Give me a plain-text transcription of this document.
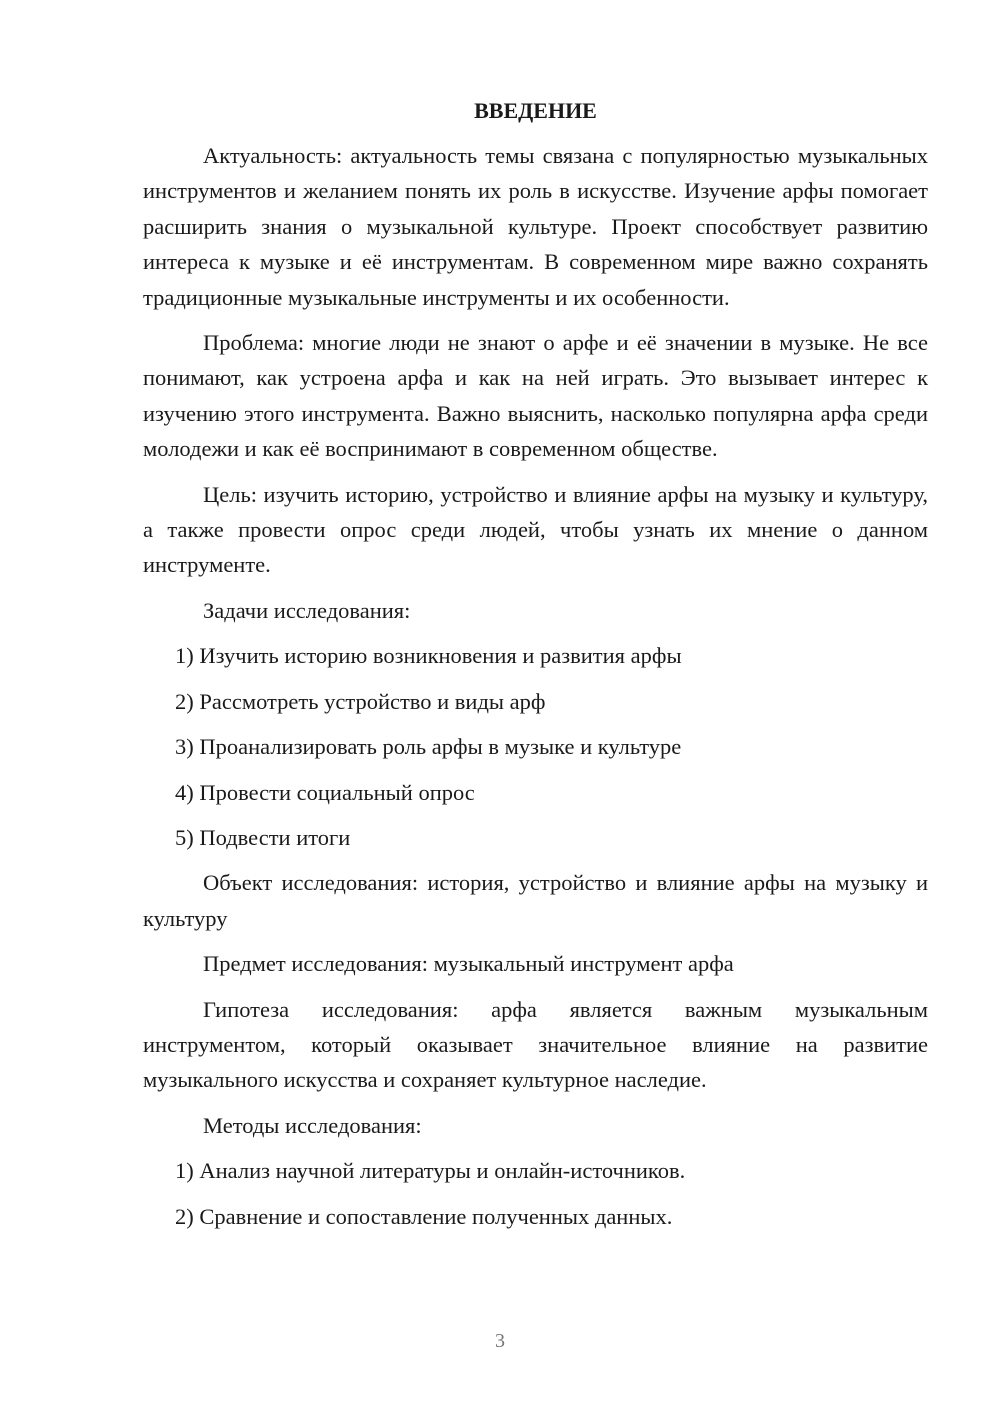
ВВЕДЕНИЕ

Актуальность: актуальность темы связана с популярностью музыкальных инструментов и желанием понять их роль в искусстве. Изучение арфы помогает расширить знания о музыкальной культуре. Проект способствует развитию интереса к музыке и её инструментам. В современном мире важно сохранять традиционные музыкальные инструменты и их особенности.

Проблема: многие люди не знают о арфе и её значении в музыке. Не все понимают, как устроена арфа и как на ней играть. Это вызывает интерес к изучению этого инструмента. Важно выяснить, насколько популярна арфа среди молодежи и как её воспринимают в современном обществе.

Цель: изучить историю, устройство и влияние арфы на музыку и культуру, а также провести опрос среди людей, чтобы узнать их мнение о данном инструменте.

Задачи исследования:

1) Изучить историю возникновения и развития арфы

2) Рассмотреть устройство и виды арф

3) Проанализировать роль арфы в музыке и культуре

4) Провести социальный опрос

5) Подвести итоги

Объект исследования: история, устройство и влияние арфы на музыку и культуру

Предмет исследования: музыкальный инструмент арфа

Гипотеза исследования: арфа является важным музыкальным инструментом, который оказывает значительное влияние на развитие музыкального искусства и сохраняет культурное наследие.

Методы исследования:

1) Анализ научной литературы и онлайн-источников.

2) Сравнение и сопоставление полученных данных.

3
